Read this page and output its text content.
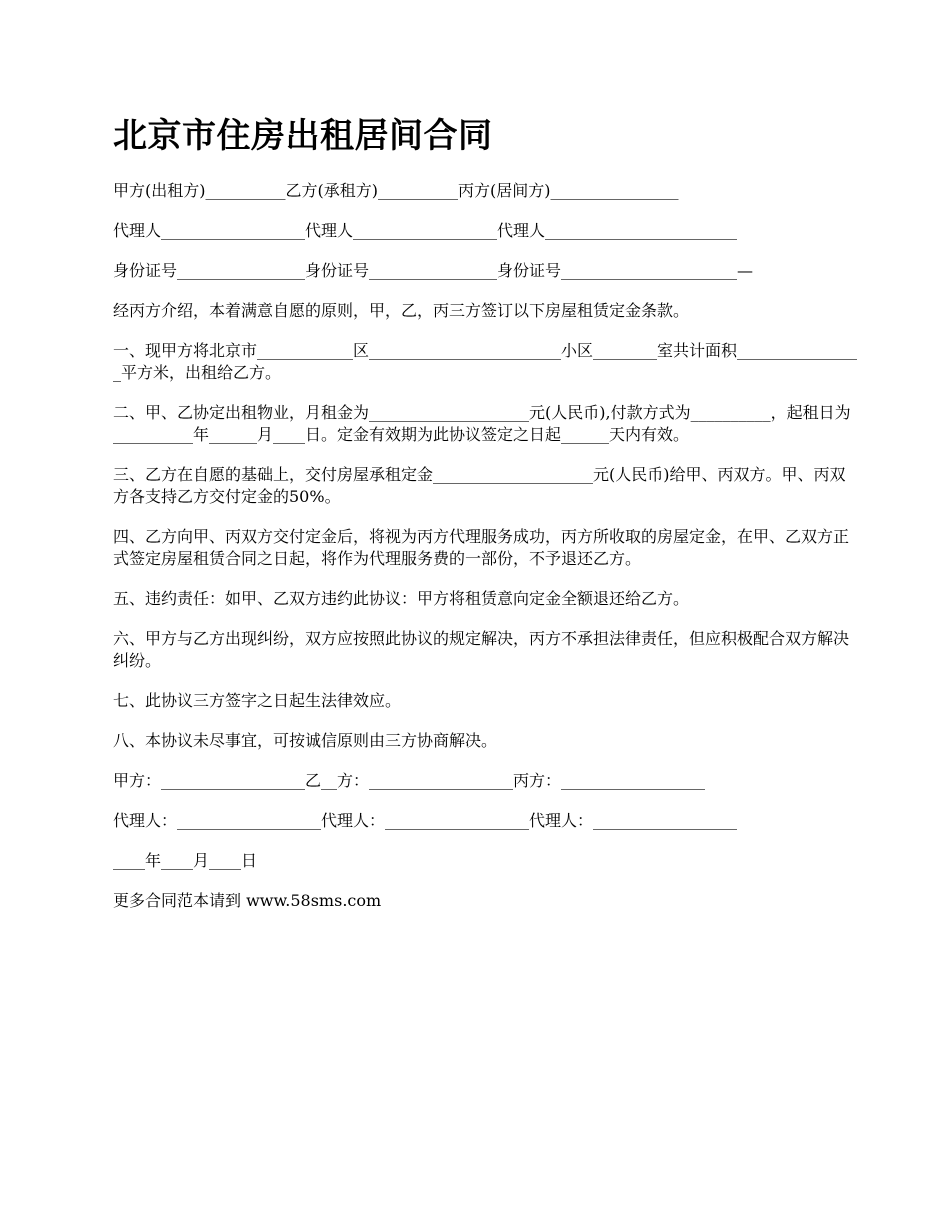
北京市住房出租居间合同

甲方(出租方)__________乙方(承租方)__________丙方(居间方)________________

代理人__________________代理人__________________代理人________________________

身份证号________________身份证号________________身份证号______________________—

经丙方介绍，本着满意自愿的原则，甲，乙，丙三方签订以下房屋租赁定金条款。

一、现甲方将北京市____________区________________________小区________室共计面积________________平方米，出租给乙方。

二、甲、乙协定出租物业，月租金为____________________元(人民币),付款方式为__________，起租日为__________年______月____日。定金有效期为此协议签定之日起______天内有效。

三、乙方在自愿的基础上，交付房屋承租定金____________________元(人民币)给甲、丙双方。甲、丙双方各支持乙方交付定金的50%。

四、乙方向甲、丙双方交付定金后，将视为丙方代理服务成功，丙方所收取的房屋定金，在甲、乙双方正式签定房屋租赁合同之日起，将作为代理服务费的一部份，不予退还乙方。

五、违约责任：如甲、乙双方违约此协议：甲方将租赁意向定金全额退还给乙方。

六、甲方与乙方出现纠纷，双方应按照此协议的规定解决，丙方不承担法律责任，但应积极配合双方解决纠纷。

七、此协议三方签字之日起生法律效应。

八、本协议未尽事宜，可按诚信原则由三方协商解决。

甲方：__________________乙__方：__________________丙方：__________________

代理人：__________________代理人：__________________代理人：__________________

____年____月____日

更多合同范本请到 www.58sms.com
